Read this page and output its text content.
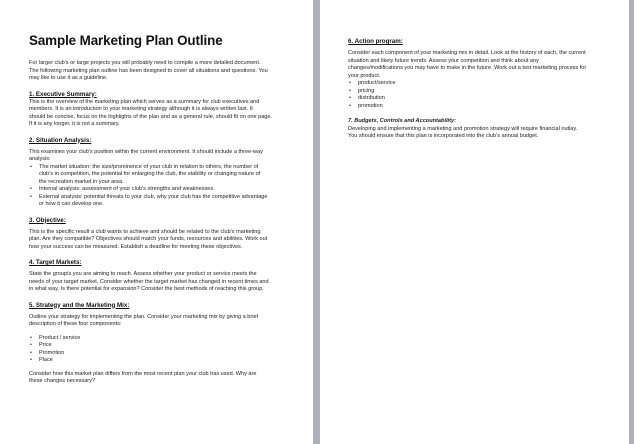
Sample Marketing Plan Outline

For larger club’s or large projects you will probably need to compile a more detailed document.

The following marketing plan outline has been designed to cover all situations and questions. You

may like to use it as a guideline.

1. Executive Summary:

This is the overview of the marketing plan which serves as a summary for club executives and

members. It is an introduction to your marketing strategy although it is always written last. It

should be concise, focus on the highlights of the plan and as a general rule, should fit on one page.

If it is any longer, it is not a summary.

2. Situation Analysis:

This examines your club’s position within the current environment. It should include a three-way

analysis:

• The market situation: the size/prominence of your club in relation to others, the number of
club’s in competition, the potential for enlarging the club, the stability or changing nature of
the recreation market in your area.
• Internal analysis: assessment of your club’s strengths and weaknesses.
• External analysis: potential threats to your club, why your club has the competitive advantage
or how it can develop one.
3. Objective:

This is the specific result a club wants to achieve and should be related to the club’s marketing

plan. Are they compatible? Objectives should match your funds, resources and abilities. Work out

how your success can be measured. Establish a deadline for meeting these objectives.

4. Target Markets:

State the group/s you are aiming to reach. Assess whether your product or service meets the

needs of your target market. Consider whether the target market has changed in recent times and

in what way. Is there potential for expansion? Consider the best methods of reaching this group.

5. Strategy and the Marketing Mix:

Outline your strategy for implementing the plan. Consider your marketing mix by giving a brief

description of these four components:

• Product / service
• Price
• Promotion
• Place

Consider how this market plan differs from the most recent plan your club has used. Why are

these changes necessary?

6. Action program:

Consider each component of your marketing mix in detail. Look at the history of each, the current

situation and likely future trends. Assess your competition and think about any

changes/modifications you may have to make in the future. Work out a test marketing process for

your product.

• product/service
• pricing
• distribution
• promotion
7. Budgets, Controls and Accountability:

Developing and implementing a marketing and promotion strategy will require financial outlay.

You should ensure that this plan is incorporated into the club’s annual budget.
